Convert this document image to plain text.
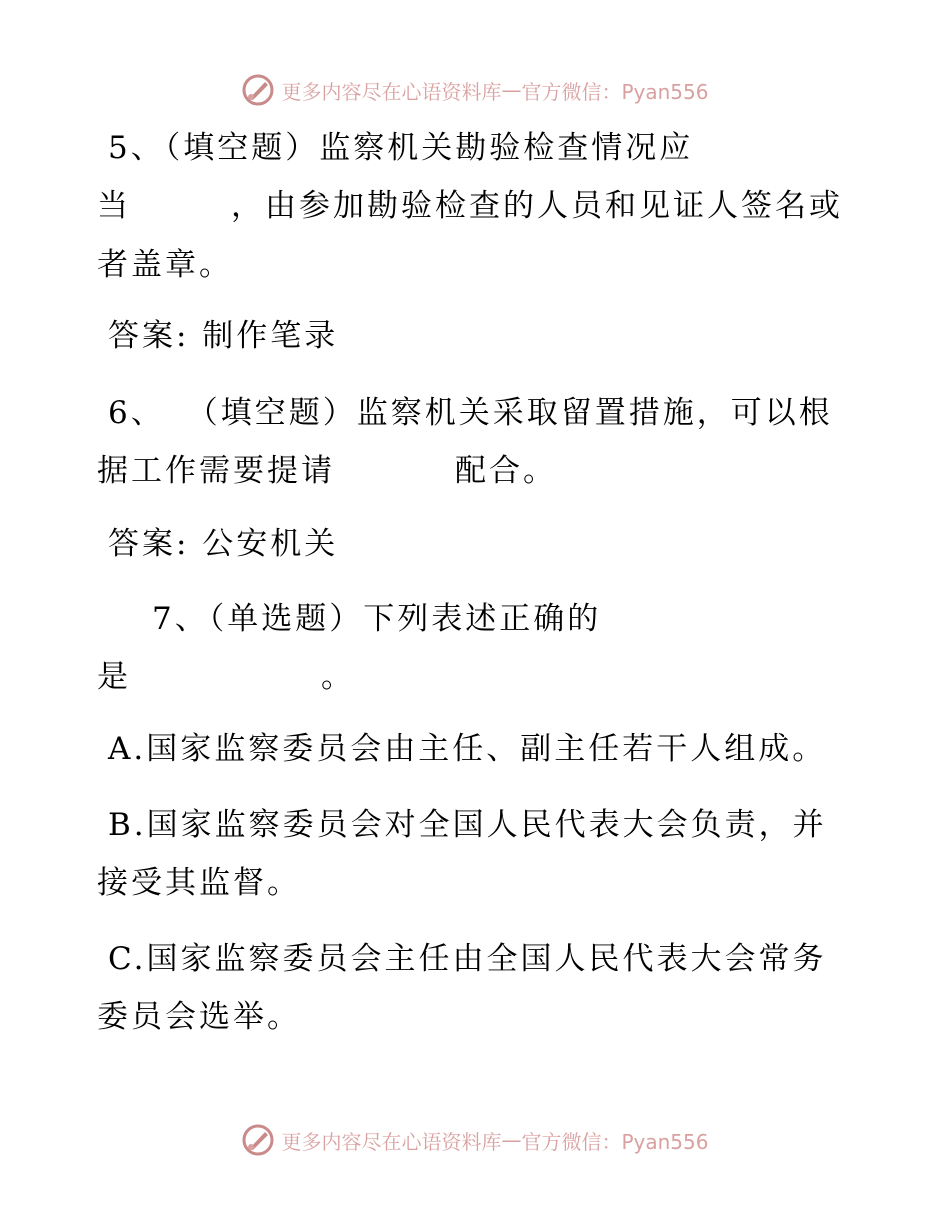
更多内容尽在心语资料库 — 官方微信：Pyan556
5、（填空题）监察机关勘验检查情况应
当	，由参加勘验检查的人员和见证人签名或
者盖章。
答案: 制作笔录
6、 （填空题）监察机关采取留置措施，可以根
据工作需要提请	配合。
答案: 公安机关
7、（单选题）下列表述正确的
是	。
A.国家监察委员会由主任、副主任若干人组成。
B.国家监察委员会对全国人民代表大会负责，并
接受其监督。
C.国家监察委员会主任由全国人民代表大会常务
委员会选举。
更多内容尽在心语资料库 — 官方微信：Pyan556
